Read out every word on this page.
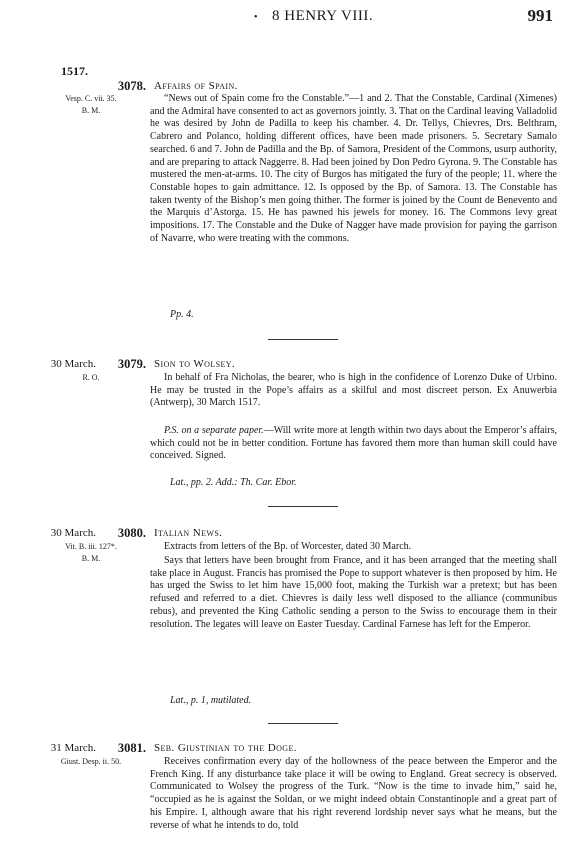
• 8 HENRY VIII.	991
1517.
3078. Affairs of Spain.
Vesp. C. vii. 35.
B. M.
“News out of Spain come fro the Constable.”—1 and 2. That the Constable, Cardinal (Ximenes) and the Admiral have consented to act as governors jointly. 3. That on the Cardinal leaving Valladolid he was desired by John de Padilla to keep his chamber. 4. Dr. Tellys, Chievres, Drs. Belthram, Cabrero and Polanco, holding different offices, have been made prisoners. 5. Secretary Samalo searched. 6 and 7. John de Padilla and the Bp. of Samora, President of the Commons, usurp authority, and are preparing to attack Naggerre. 8. Had been joined by Don Pedro Gyrona. 9. The Constable has mustered the men-at-arms. 10. The city of Burgos has mitigated the fury of the people; 11. where the Constable hopes to gain admittance. 12. Is opposed by the Bp. of Samora. 13. The Constable has taken twenty of the Bishop’s men going thither. The former is joined by the Count de Benevento and the Marquis d’Astorga. 15. He has pawned his jewels for money. 16. The Commons levy great impositions. 17. The Constable and the Duke of Nagger have made provision for paying the garrison of Navarre, who were treating with the commons.
Pp. 4.
30 March.	3079. Sion to Wolsey.
R. O.	In behalf of Fra Nicholas, the bearer, who is high in the confidence of Lorenzo Duke of Urbino. He may be trusted in the Pope’s affairs as a skilful and most discreet person. Ex Anuwerbia (Antwerp), 30 March 1517.
P.S. on a separate paper.—Will write more at length within two days about the Emperor’s affairs, which could not be in better condition. Fortune has favored them more than human skill could have conceived. Signed.
Lat., pp. 2. Add.: Th. Car. Ebor.
30 March.	3080. Italian News.
Vit. B. iii. 127*.
B. M.
Extracts from letters of the Bp. of Worcester, dated 30 March.
Says that letters have been brought from France, and it has been arranged that the meeting shall take place in August. Francis has promised the Pope to support whatever is then proposed by him. He has urged the Swiss to let him have 15,000 foot, making the Turkish war a pretext; but has been refused and referred to a diet. Chievres is daily less well disposed to the alliance (communibus rebus), and prevented the King Catholic sending a person to the Swiss to encourage them in their resolution. The legates will leave on Easter Tuesday. Cardinal Farnese has left for the Emperor.
Lat., p. 1, mutilated.
31 March.	3081. Seb. Giustinian to the Doge.
Giust. Desp. ii. 50.	Receives confirmation every day of the hollowness of the peace between the Emperor and the French King. If any disturbance take place it will be owing to England. Great secrecy is observed. Communicated to Wolsey the progress of the Turk. “Now is the time to invade him,” said he, “occupied as he is against the Soldan, or we might indeed obtain Constantinople and a great part of his Empire. I, although aware that his right reverend lordship never says what he means, but the reverse of what he intends to do, told
